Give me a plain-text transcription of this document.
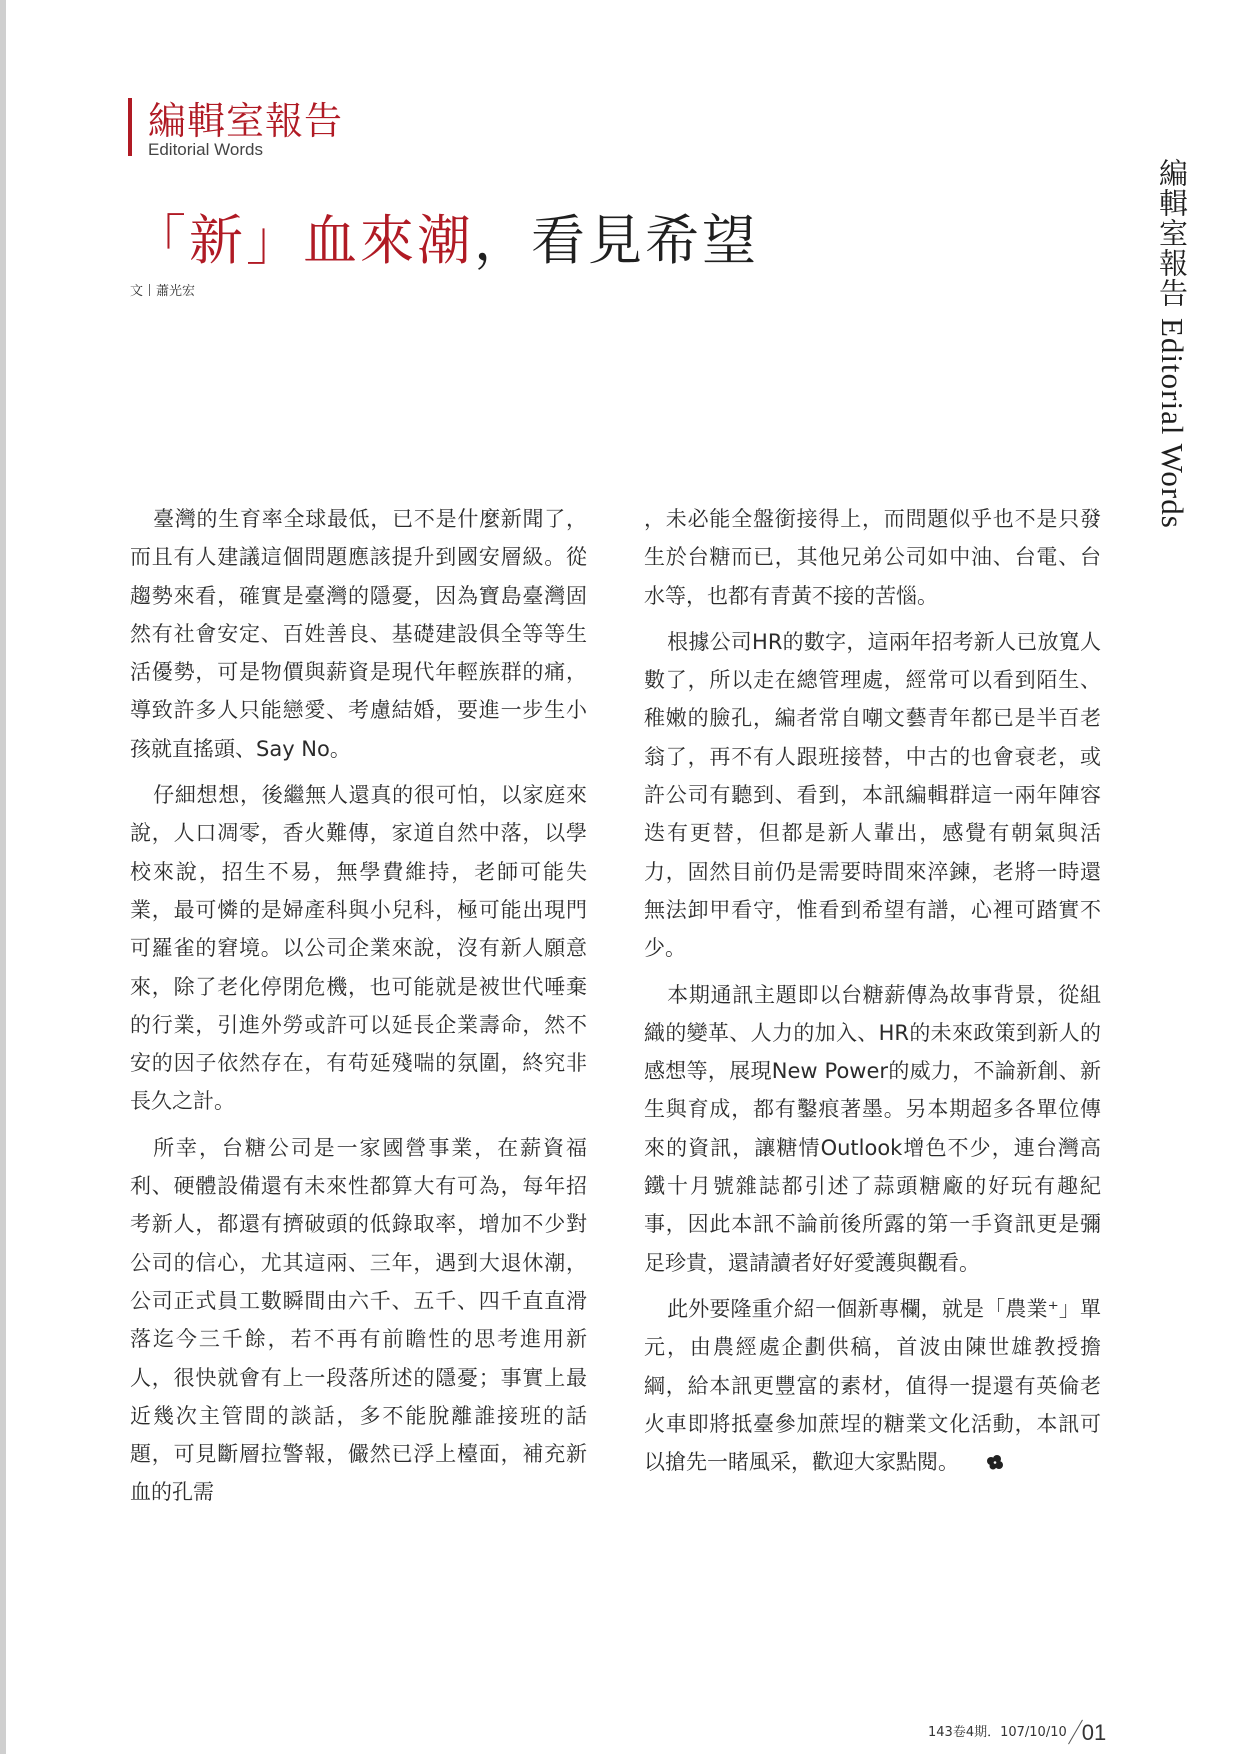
編輯室報告
Editorial Words
「新」血來潮，看見希望
文 蕭光宏

臺灣的生育率全球最低，已不是什麼新聞了，而且有人建議這個問題應該提升到國安層級。從趨勢來看，確實是臺灣的隱憂，因為寶島臺灣固然有社會安定、百姓善良、基礎建設俱全等等生活優勢，可是物價與薪資是現代年輕族群的痛，導致許多人只能戀愛、考慮結婚，要進一步生小孩就直搖頭、Say No。

仔細想想，後繼無人還真的很可怕，以家庭來說，人口凋零，香火難傳，家道自然中落，以學校來說，招生不易，無學費維持，老師可能失業，最可憐的是婦產科與小兒科，極可能出現門可羅雀的窘境。以公司企業來說，沒有新人願意來，除了老化停閉危機，也可能就是被世代唾棄的行業，引進外勞或許可以延長企業壽命，然不安的因子依然存在，有苟延殘喘的氛圍，終究非長久之計。

所幸，台糖公司是一家國營事業，在薪資福利、硬體設備還有未來性都算大有可為，每年招考新人，都還有擠破頭的低錄取率，增加不少對公司的信心，尤其這兩、三年，遇到大退休潮，公司正式員工數瞬間由六千、五千、四千直直滑落迄今三千餘，若不再有前瞻性的思考進用新人，很快就會有上一段落所述的隱憂；事實上最近幾次主管間的談話，多不能脫離誰接班的話題，可見斷層拉警報，儼然已浮上檯面，補充新血的孔需

，未必能全盤銜接得上，而問題似乎也不是只發生於台糖而已，其他兄弟公司如中油、台電、台水等，也都有青黃不接的苦惱。

根據公司HR的數字，這兩年招考新人已放寬人數了，所以走在總管理處，經常可以看到陌生、稚嫩的臉孔，編者常自嘲文藝青年都已是半百老翁了，再不有人跟班接替，中古的也會衰老，或許公司有聽到、看到，本訊編輯群這一兩年陣容迭有更替，但都是新人輩出，感覺有朝氣與活力，固然目前仍是需要時間來淬鍊，老將一時還無法卸甲看守，惟看到希望有譜，心裡可踏實不少。

本期通訊主題即以台糖薪傳為故事背景，從組織的變革、人力的加入、HR的未來政策到新人的感想等，展現New Power的威力，不論新創、新生與育成，都有鑿痕著墨。另本期超多各單位傳來的資訊，讓糖情Outlook增色不少，連台灣高鐵十月號雜誌都引述了蒜頭糖廠的好玩有趣紀事，因此本訊不論前後所露的第一手資訊更是彌足珍貴，還請讀者好好愛護與觀看。

此外要隆重介紹一個新專欄，就是「農業⁺」單元，由農經處企劃供稿，首波由陳世雄教授擔綱，給本訊更豐富的素材，值得一提還有英倫老火車即將抵臺參加蔗埕的糖業文化活動，本訊可以搶先一睹風采，歡迎大家點閱。

編輯室報告Editorial Words
143卷4期．107/10/10 01
